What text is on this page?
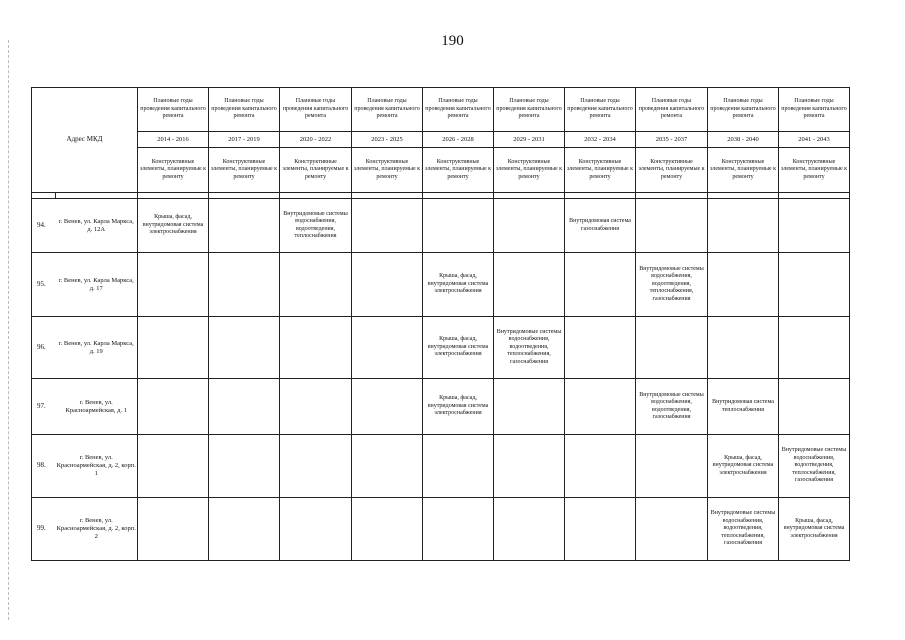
190
Адрес МКД		Плановые годы проведения капитального ремонта	Плановые годы проведения капитального ремонта	Плановые годы проведения капитального ремонта	Плановые годы проведения капитального ремонта	Плановые годы проведения капитального ремонта	Плановые годы проведения капитального ремонта	Плановые годы проведения капитального ремонта	Плановые годы проведения капитального ремонта	Плановые годы проведения капитального ремонта	Плановые годы проведения капитального ремонта
		2014 - 2016	2017 - 2019	2020 - 2022	2023 - 2025	2026 - 2028	2029 - 2031	2032 - 2034	2035 - 2037	2038 - 2040	2041 - 2043
		Конструктивные элементы, планируемые к ремонту	Конструктивные элементы, планируемые к ремонту	Конструктивные элементы, планируемые к ремонту	Конструктивные элементы, планируемые к ремонту	Конструктивные элементы, планируемые к ремонту	Конструктивные элементы, планируемые к ремонту	Конструктивные элементы, планируемые к ремонту	Конструктивные элементы, планируемые к ремонту	Конструктивные элементы, планируемые к ремонту	Конструктивные элементы, планируемые к ремонту

94.	г. Венев, ул. Карла Маркса, д. 12А	Крыша, фасад, внутридомовая система электроснабжения		Внутридомовые системы водоснабжения, водоотведения, теплоснабжения				Внутридомовая система газоснабжения			
95.	г. Венев, ул. Карла Маркса, д. 17					Крыша, фасад, внутридомовая система электроснабжения			Внутридомовые системы водоснабжения, водоотведения, теплоснабжения, газоснабжения		
96.	г. Венев, ул. Карла Маркса, д. 19					Крыша, фасад, внутридомовая система электроснабжения	Внутридомовые системы водоснабжения, водоотведения, теплоснабжения, газоснабжения				
97.	г. Венев, ул. Красноармейская, д. 1					Крыша, фасад, внутридомовая система электроснабжения			Внутридомовые системы водоснабжения, водоотведения, газоснабжения	Внутридомовая система теплоснабжения	
98.	г. Венев, ул. Красноармейская, д. 2, корп. 1									Крыша, фасад, внутридомовая система электроснабжения	Внутридомовые системы водоснабжения, водоотведения, теплоснабжения, газоснабжения
99.	г. Венев, ул. Красноармейская, д. 2, корп. 2									Внутридомовые системы водоснабжения, водоотведения, теплоснабжения, газоснабжения	Крыша, фасад, внутридомовая система электроснабжения
